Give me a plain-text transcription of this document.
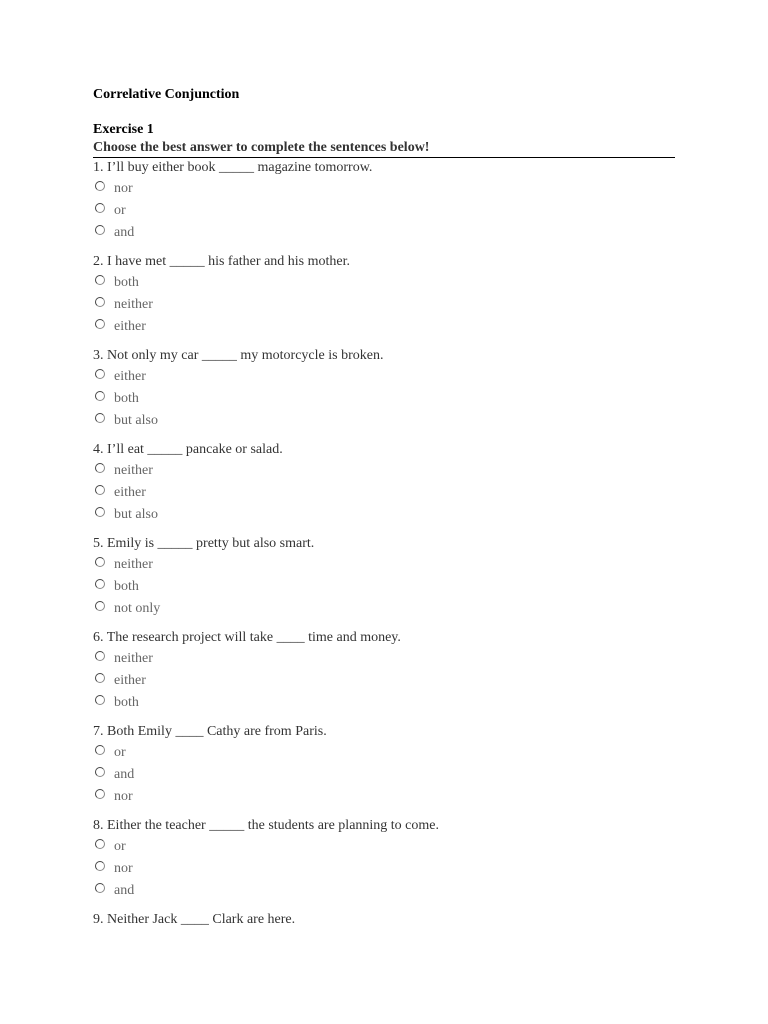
Correlative Conjunction

Exercise 1

Choose the best answer to complete the sentences below!

1. I’ll buy either book _____ magazine tomorrow.

nor
or
and

2. I have met _____ his father and his mother.

both
neither
either

3. Not only my car _____ my motorcycle is broken.

either
both
but also

4. I’ll eat _____ pancake or salad.

neither
either
but also

5. Emily is _____ pretty but also smart.

neither
both
not only

6. The research project will take ____ time and money.

neither
either
both

7. Both Emily ____ Cathy are from Paris.

or
and
nor

8. Either the teacher _____ the students are planning to come.

or
nor
and

9. Neither Jack ____ Clark are here.
